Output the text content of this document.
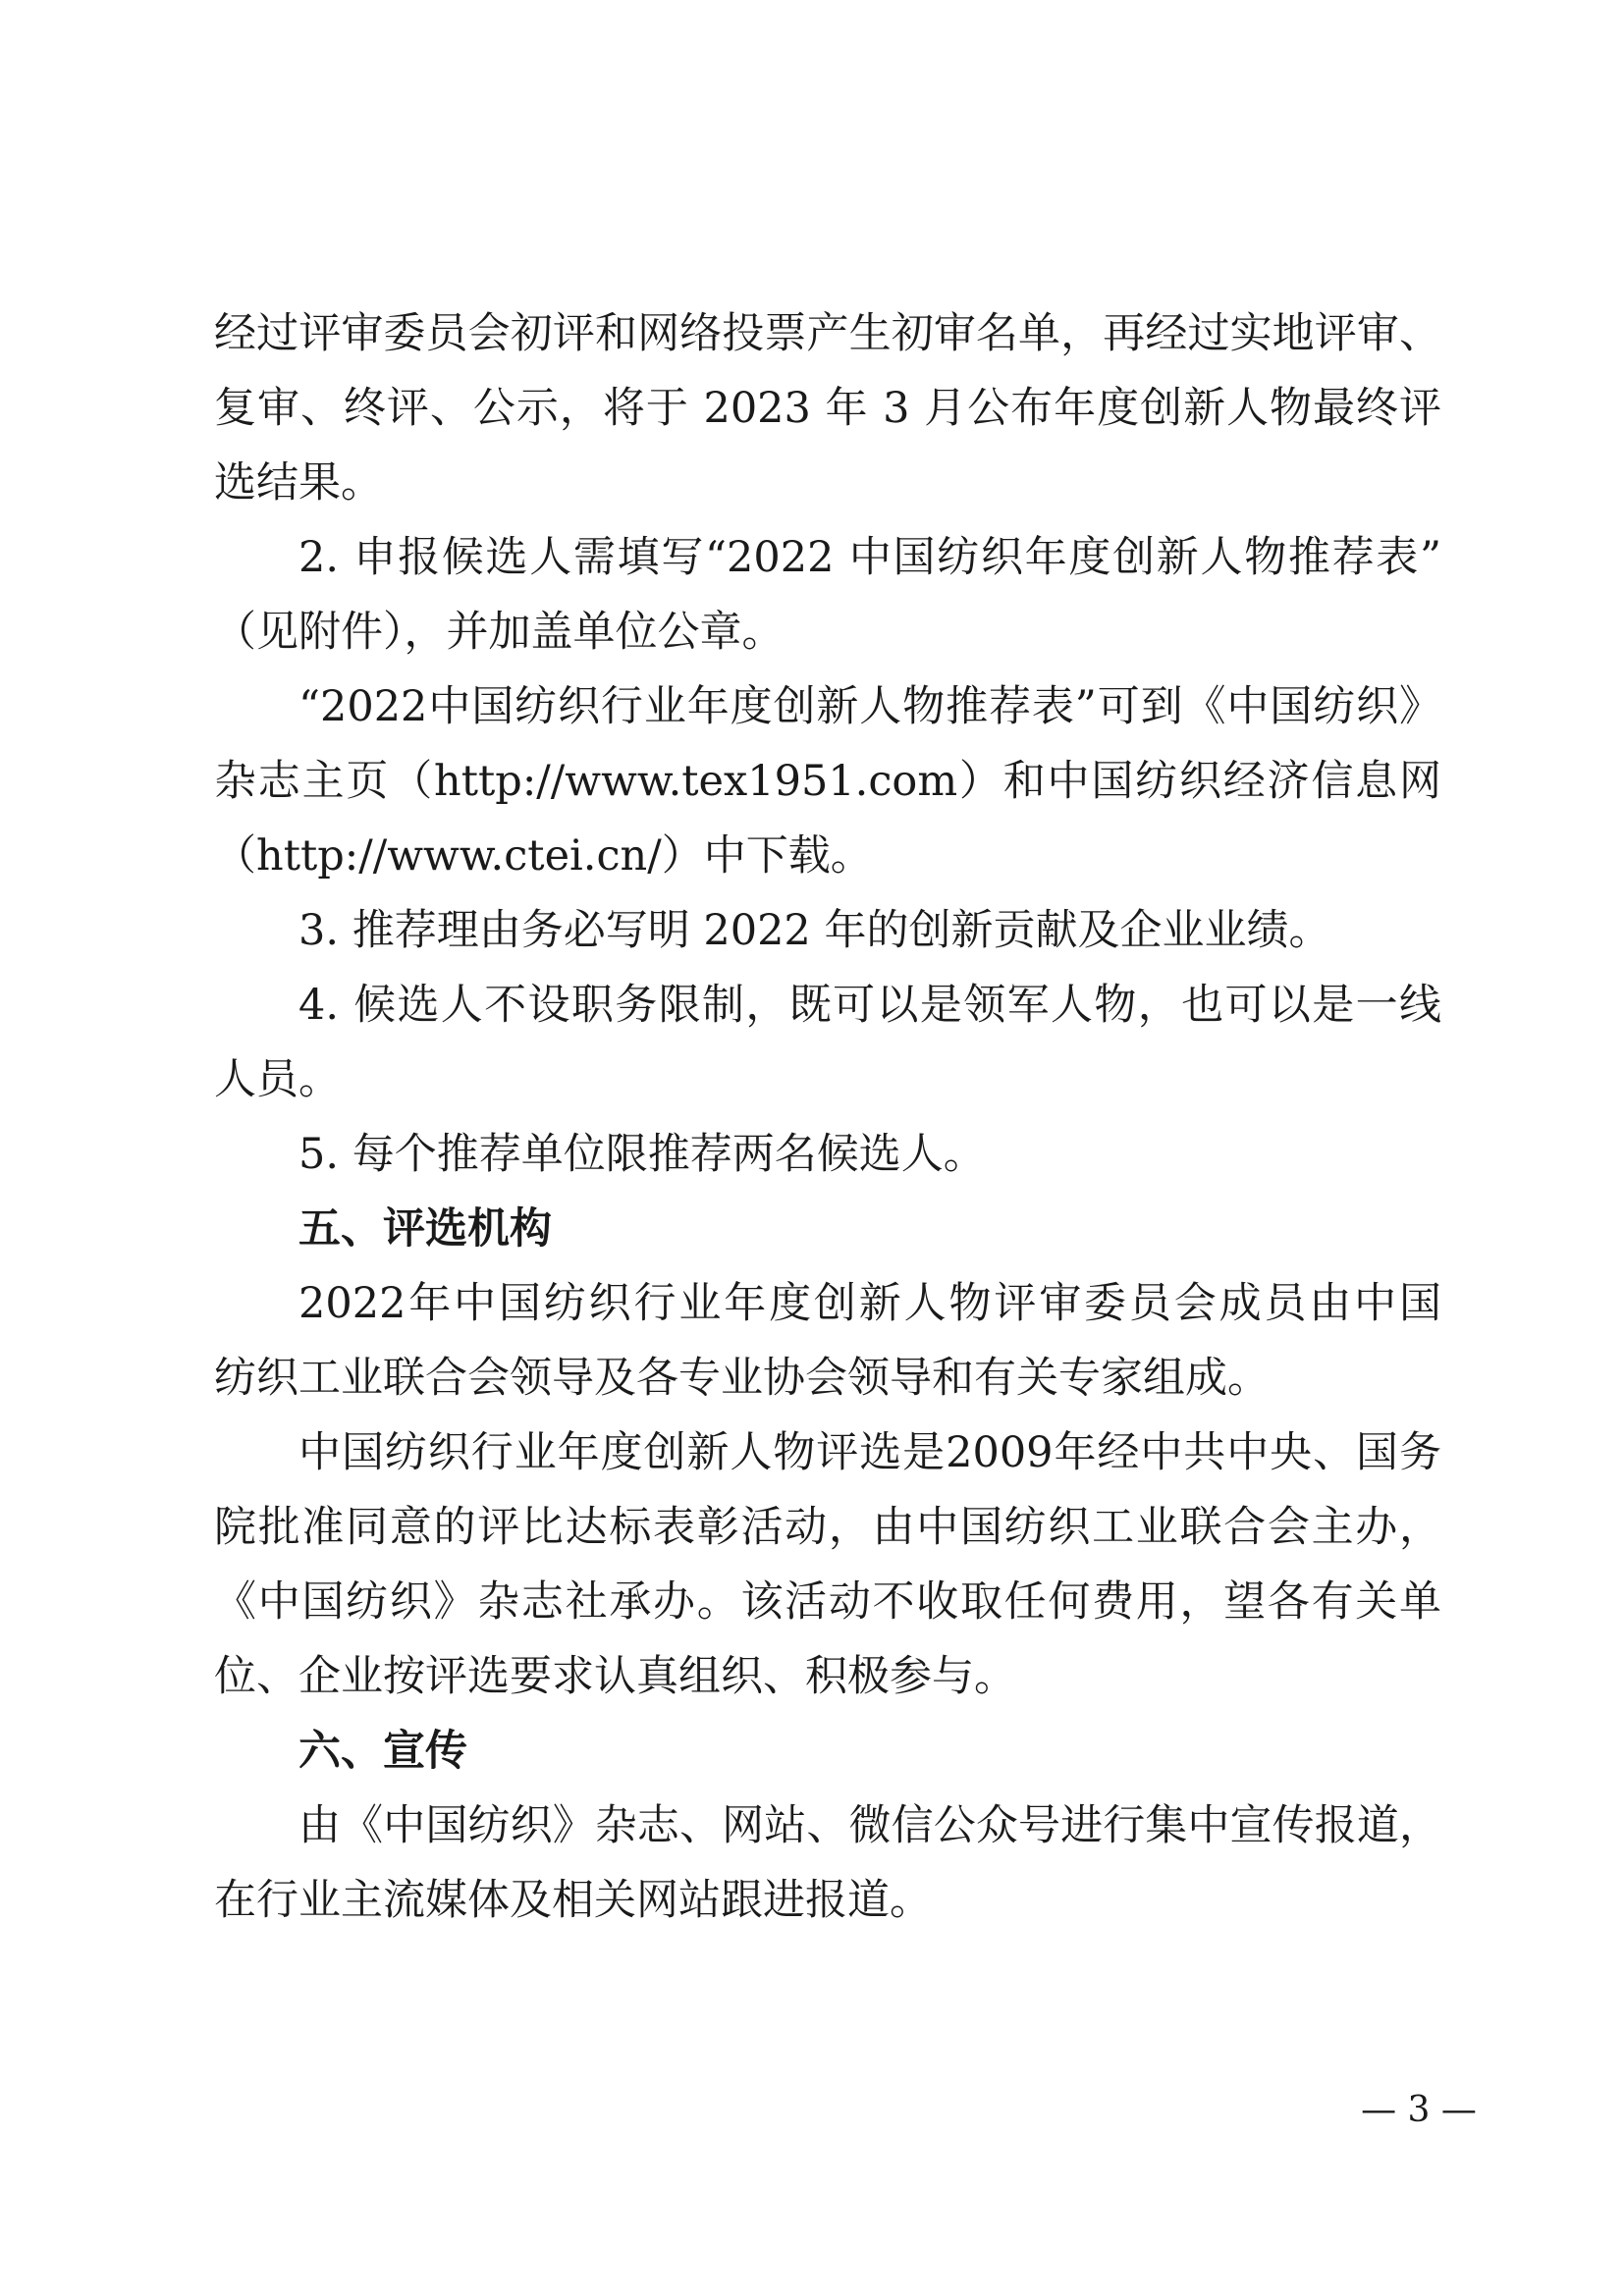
经过评审委员会初评和网络投票产生初审名单，再经过实地评审、
复审、终评、公示，将于 2023 年 3 月公布年度创新人物最终评
选结果。
2. 申报候选人需填写“2022 中国纺织年度创新人物推荐表”
（见附件），并加盖单位公章。
“2022中国纺织行业年度创新人物推荐表”可到《中国纺织》
杂志主页（http://www.tex1951.com）和中国纺织经济信息网
（http://www.ctei.cn/）中下载。
3. 推荐理由务必写明 2022 年的创新贡献及企业业绩。
4. 候选人不设职务限制，既可以是领军人物，也可以是一线
人员。
5. 每个推荐单位限推荐两名候选人。
五、评选机构
2022年中国纺织行业年度创新人物评审委员会成员由中国
纺织工业联合会领导及各专业协会领导和有关专家组成。
中国纺织行业年度创新人物评选是2009年经中共中央、国务
院批准同意的评比达标表彰活动，由中国纺织工业联合会主办，
《中国纺织》杂志社承办。该活动不收取任何费用，望各有关单
位、企业按评选要求认真组织、积极参与。
六、宣传
由《中国纺织》杂志、网站、微信公众号进行集中宣传报道，
在行业主流媒体及相关网站跟进报道。
— 3 —
